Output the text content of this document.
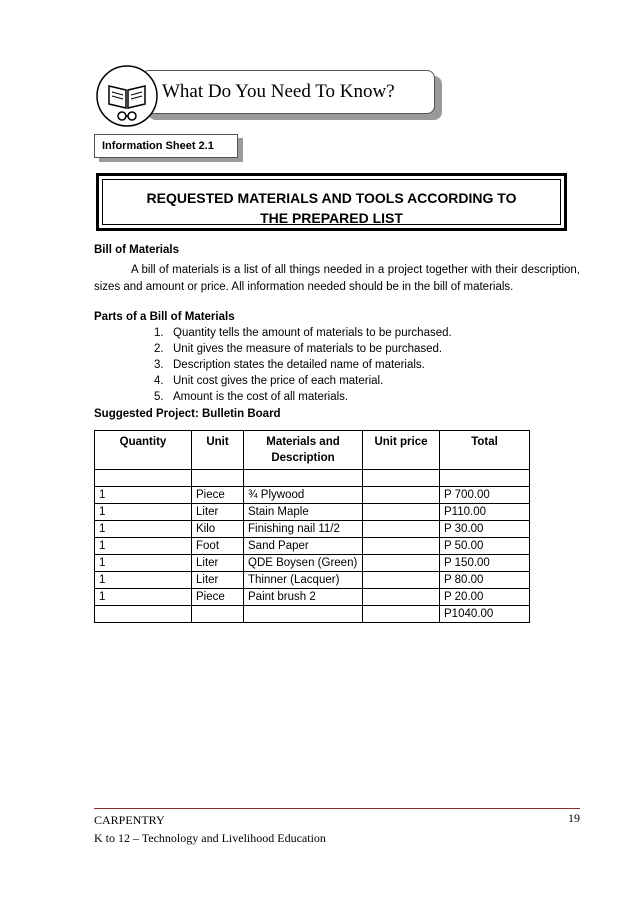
What Do You Need To Know?
Information Sheet 2.1
REQUESTED MATERIALS AND TOOLS ACCORDING TO
THE PREPARED LIST
Bill of Materials
A bill of materials is a list of all things needed in a project together with their description, sizes and amount or price. All information needed should be in the bill of materials.
Parts of a Bill of Materials
1. Quantity tells the amount of materials to be purchased.
2. Unit gives the measure of materials to be purchased.
3. Description states the detailed name of materials.
4. Unit cost gives the price of each material.
5. Amount is the cost of all materials.
Suggested Project: Bulletin Board
Quantity	Unit	Materials and Description	Unit price	Total

1	Piece	¾ Plywood		P 700.00
1	Liter	Stain Maple		P110.00
1	Kilo	Finishing nail 11/2		P 30.00
1	Foot	Sand Paper		P 50.00
1	Liter	QDE Boysen (Green)		P 150.00
1	Liter	Thinner (Lacquer)		P 80.00
1	Piece	Paint brush 2		P 20.00
				P1040.00
CARPENTRY
K to 12 – Technology and Livelihood Education
19
